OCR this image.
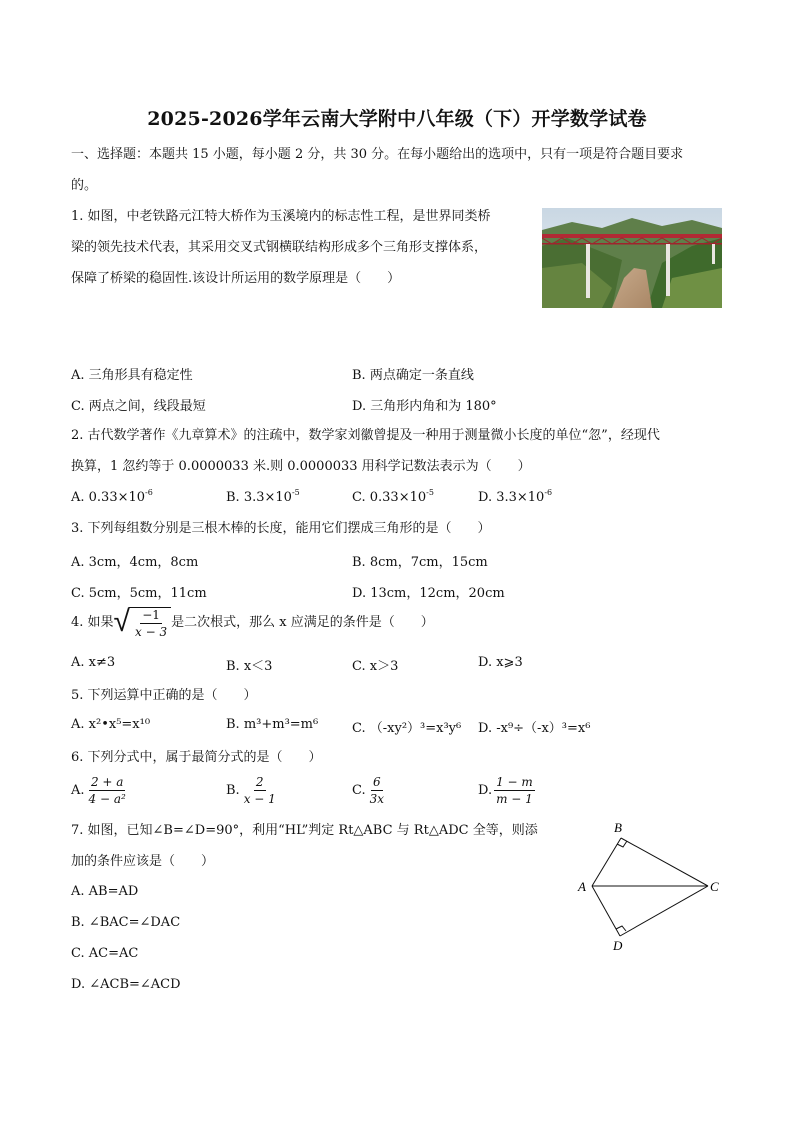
2025-2026学年云南大学附中八年级（下）开学数学试卷
一、选择题：本题共 15 小题，每小题 2 分，共 30 分。在每小题给出的选项中，只有一项是符合题目要求
的。
1. 如图，中老铁路元江特大桥作为玉溪境内的标志性工程，是世界同类桥
梁的领先技术代表，其采用交叉式钢横联结构形成多个三角形支撑体系，
保障了桥梁的稳固性.该设计所运用的数学原理是（　　）
A. 三角形具有稳定性	B. 两点确定一条直线
C. 两点之间，线段最短	D. 三角形内角和为 180°
2. 古代数学著作《九章算术》的注疏中，数学家刘徽曾提及一种用于测量微小长度的单位“忽”，经现代
换算，1 忽约等于 0.0000033 米.则 0.0000033 用科学记数法表示为（　　）
A. $0.33\times 10^{-6}$	B. $3.3\times 10^{-5}$	C. $0.33\times 10^{-5}$	D. $3.3\times 10^{-6}$
3. 下列每组数分别是三根木棒的长度，能用它们摆成三角形的是（　　）
A. 3cm，4cm，8cm	B. 8cm，7cm，15cm
C. 5cm，5cm，11cm	D. 13cm，12cm，20cm
4. 如果 √ $\frac{-1}{x - 3}$ 是二次根式，那么 x 应满足的条件是（　　）
A. x≠3	B. x＜3	C. x＞3	D. x⩾3
5. 下列运算中正确的是（　　）
A. x²•x⁵=x¹⁰	B. m³+m³=m⁶	C. （-xy²）³=x³y⁶ D. -x⁹÷（-x）³=x⁶
6. 下列分式中，属于最简分式的是（　　）
A. $\frac{2 + a}{\text{4 − a²}}$	B. $\frac{2}{x - 1}$	C. $\frac{6}{3x}$	D. $\frac{1 - m}{m - 1}$
7. 如图，已知∠B=∠D=90°，利用“HL”判定 Rt△ABC 与 Rt△ADC 全等，则添
加的条件应该是（　　）
A. AB=AD
B. ∠BAC=∠DAC
C. AC=AC
D. ∠ACB=∠ACD
B
A	C
D
